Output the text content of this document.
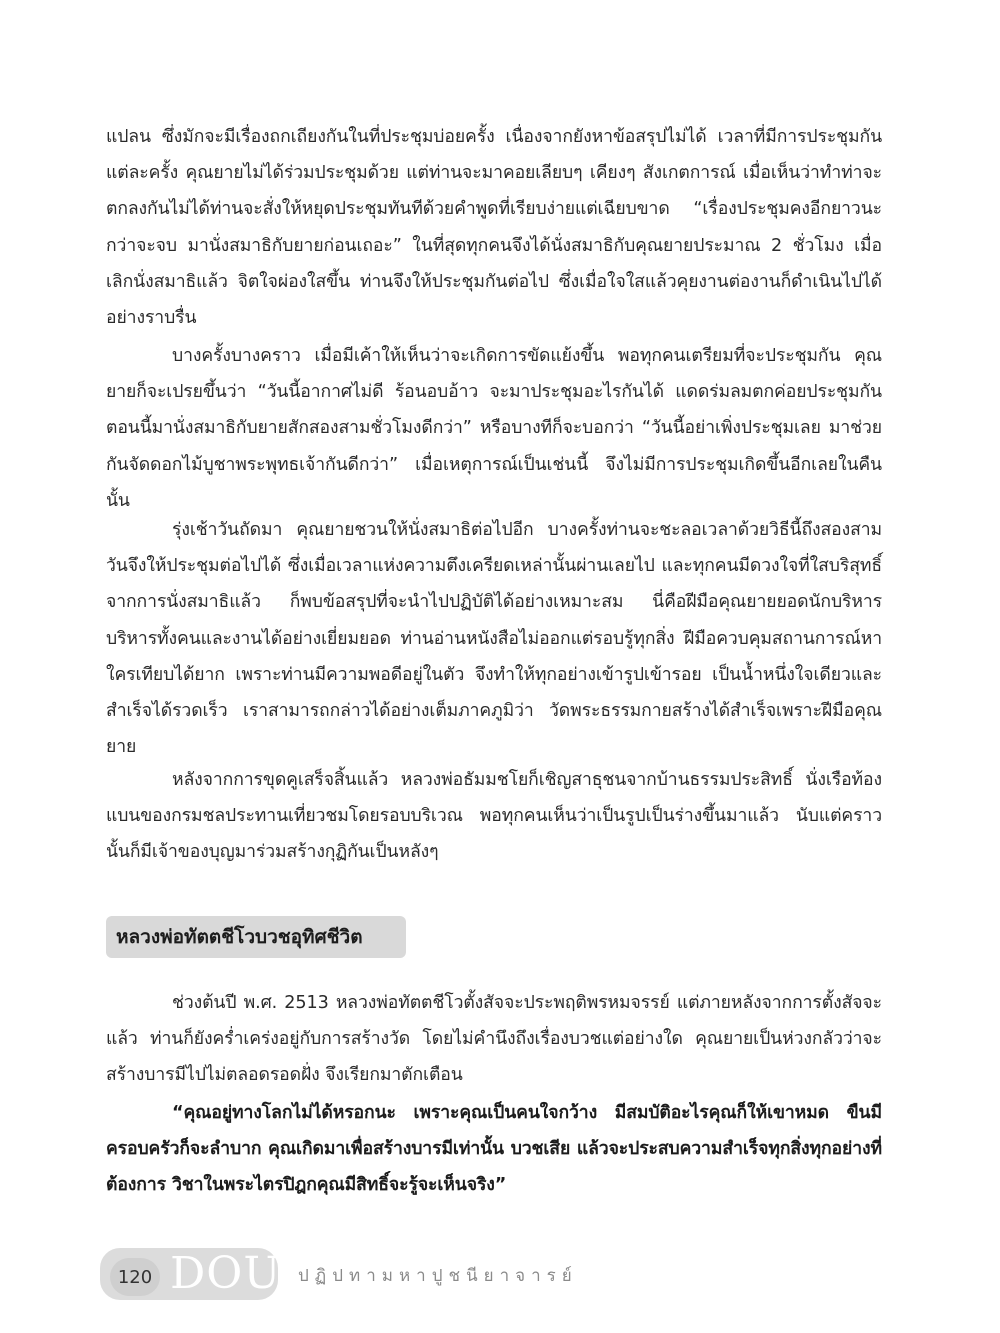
แปลน ซึ่งมักจะมีเรื่องถกเถียงกันในที่ประชุมบ่อยครั้ง เนื่องจากยังหาข้อสรุปไม่ได้ เวลาที่มีการประชุมกันแต่ละครั้ง คุณยายไม่ได้ร่วมประชุมด้วย แต่ท่านจะมาคอยเลียบๆ เคียงๆ สังเกตการณ์ เมื่อเห็นว่าทำท่าจะตกลงกันไม่ได้ท่านจะสั่งให้หยุดประชุมทันทีด้วยคำพูดที่เรียบง่ายแต่เฉียบขาด “เรื่องประชุมคงอีกยาวนะกว่าจะจบ มานั่งสมาธิกับยายก่อนเถอะ” ในที่สุดทุกคนจึงได้นั่งสมาธิกับคุณยายประมาณ 2 ชั่วโมง เมื่อเลิกนั่งสมาธิแล้ว จิตใจผ่องใสขึ้น ท่านจึงให้ประชุมกันต่อไป ซึ่งเมื่อใจใสแล้วคุยงานต่องานก็ดำเนินไปได้อย่างราบรื่น

บางครั้งบางคราว เมื่อมีเค้าให้เห็นว่าจะเกิดการขัดแย้งขึ้น พอทุกคนเตรียมที่จะประชุมกัน คุณยายก็จะเปรยขึ้นว่า “วันนี้อากาศไม่ดี ร้อนอบอ้าว จะมาประชุมอะไรกันได้ แดดร่มลมตกค่อยประชุมกัน ตอนนี้มานั่งสมาธิกับยายสักสองสามชั่วโมงดีกว่า” หรือบางทีก็จะบอกว่า “วันนี้อย่าเพิ่งประชุมเลย มาช่วยกันจัดดอกไม้บูชาพระพุทธเจ้ากันดีกว่า” เมื่อเหตุการณ์เป็นเช่นนี้ จึงไม่มีการประชุมเกิดขึ้นอีกเลยในคืนนั้น

รุ่งเช้าวันถัดมา คุณยายชวนให้นั่งสมาธิต่อไปอีก บางครั้งท่านจะชะลอเวลาด้วยวิธีนี้ถึงสองสามวันจึงให้ประชุมต่อไปได้ ซึ่งเมื่อเวลาแห่งความตึงเครียดเหล่านั้นผ่านเลยไป และทุกคนมีดวงใจที่ใสบริสุทธิ์จากการนั่งสมาธิแล้ว ก็พบข้อสรุปที่จะนำไปปฏิบัติได้อย่างเหมาะสม นี่คือฝีมือคุณยายยอดนักบริหาร บริหารทั้งคนและงานได้อย่างเยี่ยมยอด ท่านอ่านหนังสือไม่ออกแต่รอบรู้ทุกสิ่ง ฝีมือควบคุมสถานการณ์หาใครเทียบได้ยาก เพราะท่านมีความพอดีอยู่ในตัว จึงทำให้ทุกอย่างเข้ารูปเข้ารอย เป็นน้ำหนึ่งใจเดียวและสำเร็จได้รวดเร็ว เราสามารถกล่าวได้อย่างเต็มภาคภูมิว่า วัดพระธรรมกายสร้างได้สำเร็จเพราะฝีมือคุณยาย

หลังจากการขุดคูเสร็จสิ้นแล้ว หลวงพ่อธัมมชโยก็เชิญสาธุชนจากบ้านธรรมประสิทธิ์ นั่งเรือท้องแบนของกรมชลประทานเที่ยวชมโดยรอบบริเวณ พอทุกคนเห็นว่าเป็นรูปเป็นร่างขึ้นมาแล้ว นับแต่คราวนั้นก็มีเจ้าของบุญมาร่วมสร้างกุฏิกันเป็นหลังๆ

หลวงพ่อทัตตชีโวบวชอุทิศชีวิต

ช่วงต้นปี พ.ศ. 2513 หลวงพ่อทัตตชีโวตั้งสัจจะประพฤติพรหมจรรย์ แต่ภายหลังจากการตั้งสัจจะแล้ว ท่านก็ยังคร่ำเคร่งอยู่กับการสร้างวัด โดยไม่คำนึงถึงเรื่องบวชแต่อย่างใด คุณยายเป็นห่วงกลัวว่าจะสร้างบารมีไปไม่ตลอดรอดฝั่ง จึงเรียกมาตักเตือน

“คุณอยู่ทางโลกไม่ได้หรอกนะ เพราะคุณเป็นคนใจกว้าง มีสมบัติอะไรคุณก็ให้เขาหมด ขืนมีครอบครัวก็จะลำบาก คุณเกิดมาเพื่อสร้างบารมีเท่านั้น บวชเสีย แล้วจะประสบความสำเร็จทุกสิ่งทุกอย่างที่ต้องการ วิชาในพระไตรปิฎกคุณมีสิทธิ์จะรู้จะเห็นจริง”

120 DOU ปฏิปทามหาปูชนียาจารย์
